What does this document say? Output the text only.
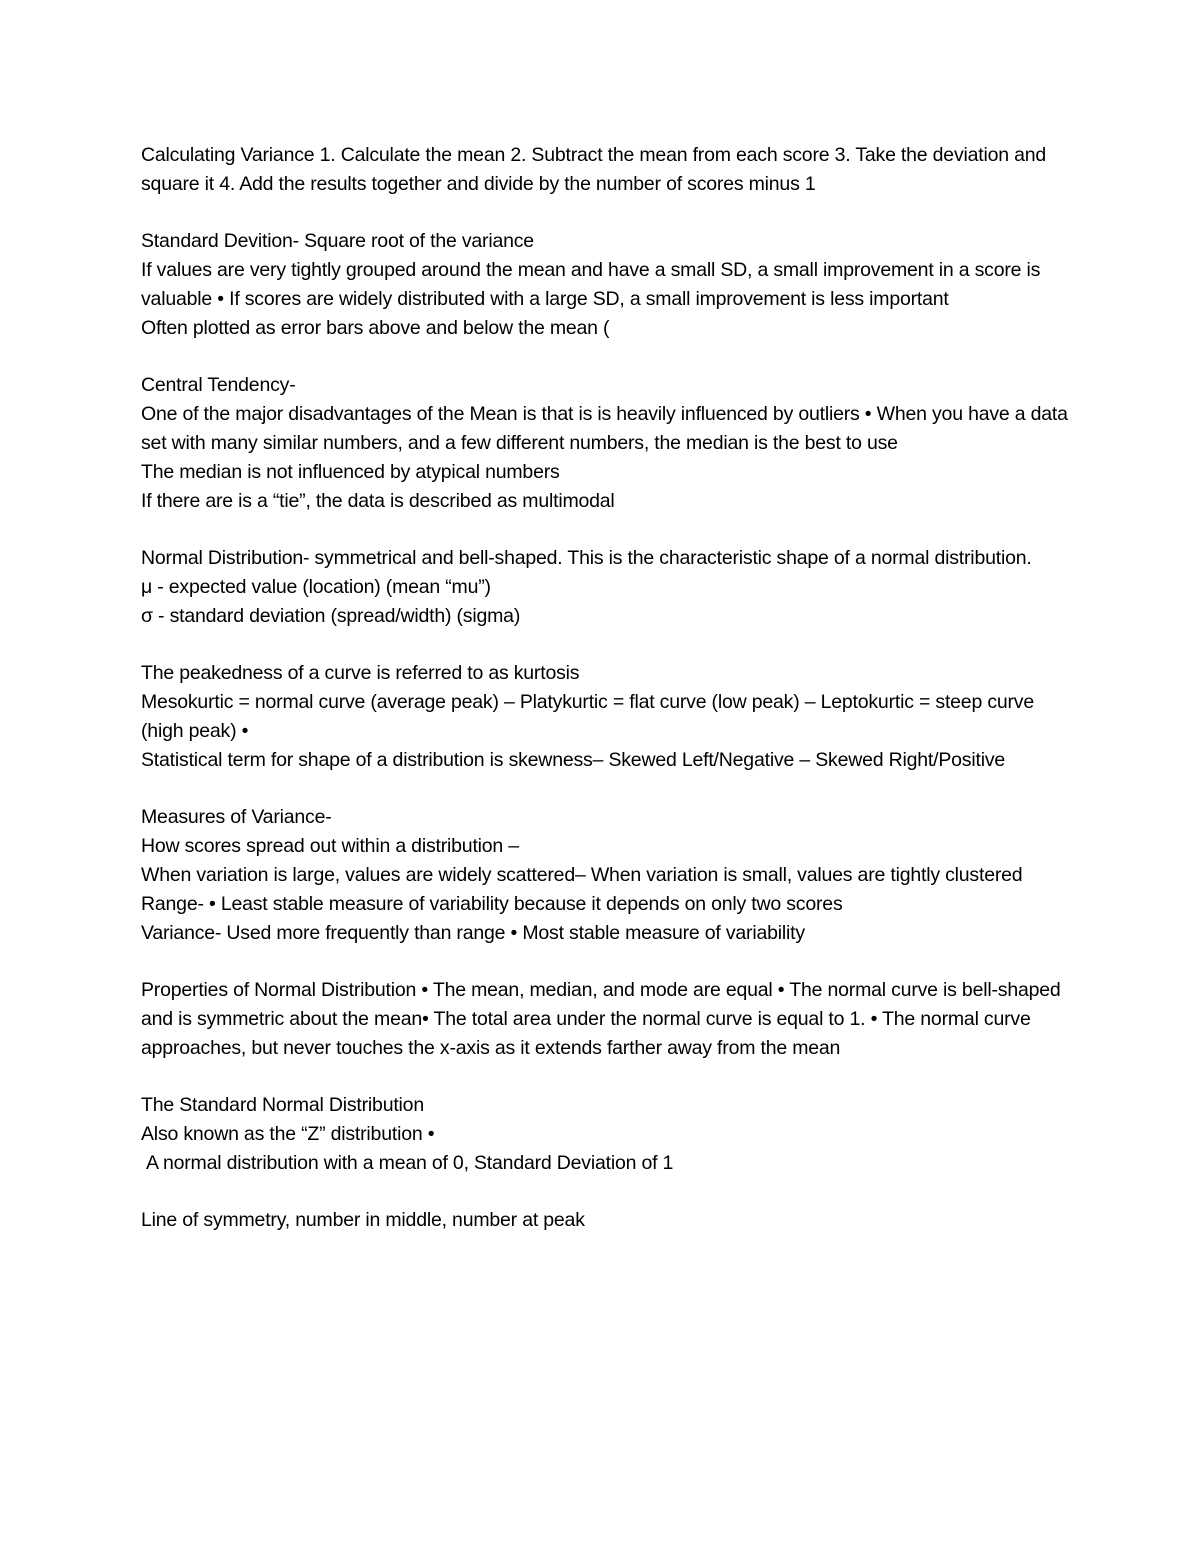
Calculating Variance 1. Calculate the mean 2. Subtract the mean from each score 3. Take the deviation and square it 4. Add the results together and divide by the number of scores minus 1
Standard Devition- Square root of the variance
If values are very tightly grouped around the mean and have a small SD, a small improvement in a score is valuable • If scores are widely distributed with a large SD, a small improvement is less important
Often plotted as error bars above and below the mean (
Central Tendency-
One of the major disadvantages of the Mean is that is is heavily influenced by outliers • When you have a data set with many similar numbers, and a few different numbers, the median is the best to use
The median is not influenced by atypical numbers
If there are is a “tie”, the data is described as multimodal
Normal Distribution- symmetrical and bell-shaped. This is the characteristic shape of a normal distribution.
μ - expected value (location) (mean “mu”)
σ - standard deviation (spread/width) (sigma)
The peakedness of a curve is referred to as kurtosis
Mesokurtic = normal curve (average peak) – Platykurtic = flat curve (low peak) – Leptokurtic = steep curve (high peak) •
Statistical term for shape of a distribution is skewness– Skewed Left/Negative – Skewed Right/Positive
Measures of Variance-
How scores spread out within a distribution –
When variation is large, values are widely scattered– When variation is small, values are tightly clustered
Range- • Least stable measure of variability because it depends on only two scores
Variance- Used more frequently than range • Most stable measure of variability
Properties of Normal Distribution • The mean, median, and mode are equal • The normal curve is bell-shaped and is symmetric about the mean• The total area under the normal curve is equal to 1. • The normal curve approaches, but never touches the x-axis as it extends farther away from the mean
The Standard Normal Distribution
Also known as the “Z” distribution •
A normal distribution with a mean of 0, Standard Deviation of 1
Line of symmetry, number in middle, number at peak
